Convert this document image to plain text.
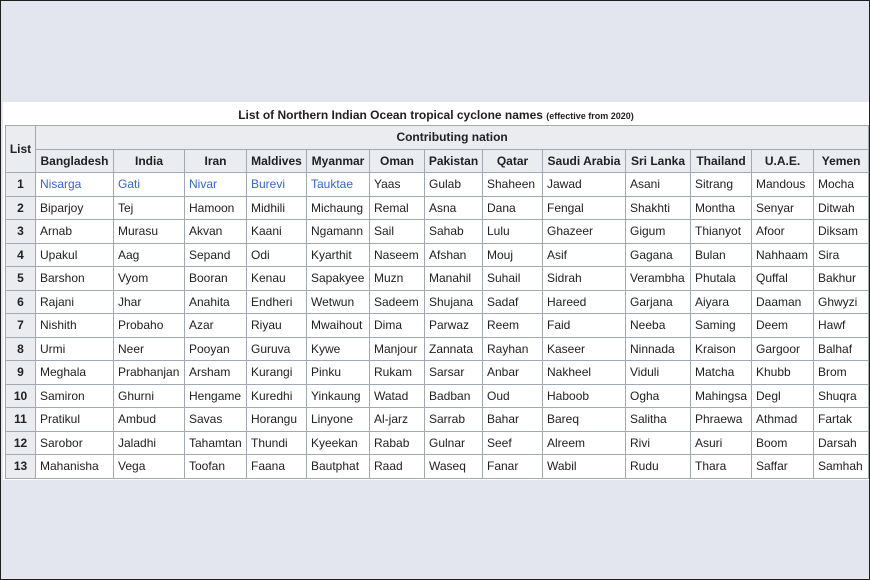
List of Northern Indian Ocean tropical cyclone names (effective from 2020)
List	Contributing nation												
	Bangladesh	India	Iran	Maldives	Myanmar	Oman	Pakistan	Qatar	Saudi Arabia	Sri Lanka	Thailand	U.A.E.	Yemen
1	Nisarga	Gati	Nivar	Burevi	Tauktae	Yaas	Gulab	Shaheen	Jawad	Asani	Sitrang	Mandous	Mocha
2	Biparjoy	Tej	Hamoon	Midhili	Michaung	Remal	Asna	Dana	Fengal	Shakhti	Montha	Senyar	Ditwah
3	Arnab	Murasu	Akvan	Kaani	Ngamann	Sail	Sahab	Lulu	Ghazeer	Gigum	Thianyot	Afoor	Diksam
4	Upakul	Aag	Sepand	Odi	Kyarthit	Naseem	Afshan	Mouj	Asif	Gagana	Bulan	Nahhaam	Sira
5	Barshon	Vyom	Booran	Kenau	Sapakyee	Muzn	Manahil	Suhail	Sidrah	Verambha	Phutala	Quffal	Bakhur
6	Rajani	Jhar	Anahita	Endheri	Wetwun	Sadeem	Shujana	Sadaf	Hareed	Garjana	Aiyara	Daaman	Ghwyzi
7	Nishith	Probaho	Azar	Riyau	Mwaihout	Dima	Parwaz	Reem	Faid	Neeba	Saming	Deem	Hawf
8	Urmi	Neer	Pooyan	Guruva	Kywe	Manjour	Zannata	Rayhan	Kaseer	Ninnada	Kraison	Gargoor	Balhaf
9	Meghala	Prabhanjan	Arsham	Kurangi	Pinku	Rukam	Sarsar	Anbar	Nakheel	Viduli	Matcha	Khubb	Brom
10	Samiron	Ghurni	Hengame	Kuredhi	Yinkaung	Watad	Badban	Oud	Haboob	Ogha	Mahingsa	Degl	Shuqra
11	Pratikul	Ambud	Savas	Horangu	Linyone	Al-jarz	Sarrab	Bahar	Bareq	Salitha	Phraewa	Athmad	Fartak
12	Sarobor	Jaladhi	Tahamtan	Thundi	Kyeekan	Rabab	Gulnar	Seef	Alreem	Rivi	Asuri	Boom	Darsah
13	Mahanisha	Vega	Toofan	Faana	Bautphat	Raad	Waseq	Fanar	Wabil	Rudu	Thara	Saffar	Samhah
